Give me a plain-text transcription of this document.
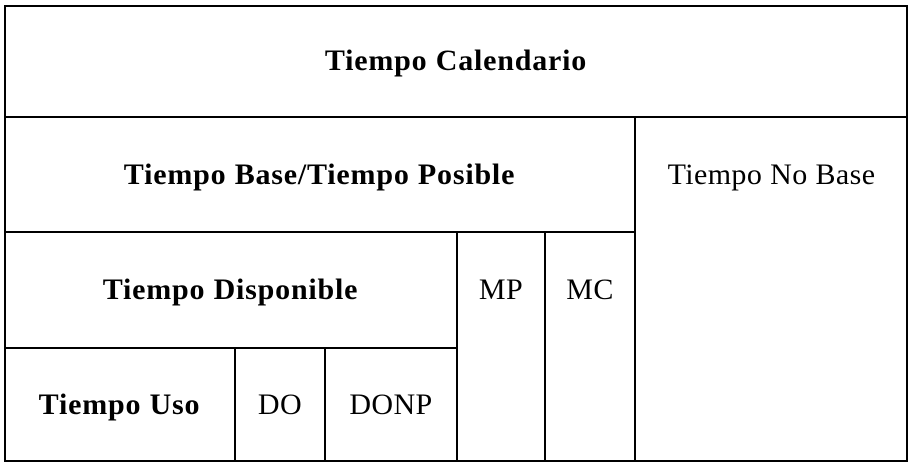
Tiempo Calendario
Tiempo Base/Tiempo Posible	Tiempo No Base
Tiempo Disponible	MP MC
Tiempo Uso DO DONP
